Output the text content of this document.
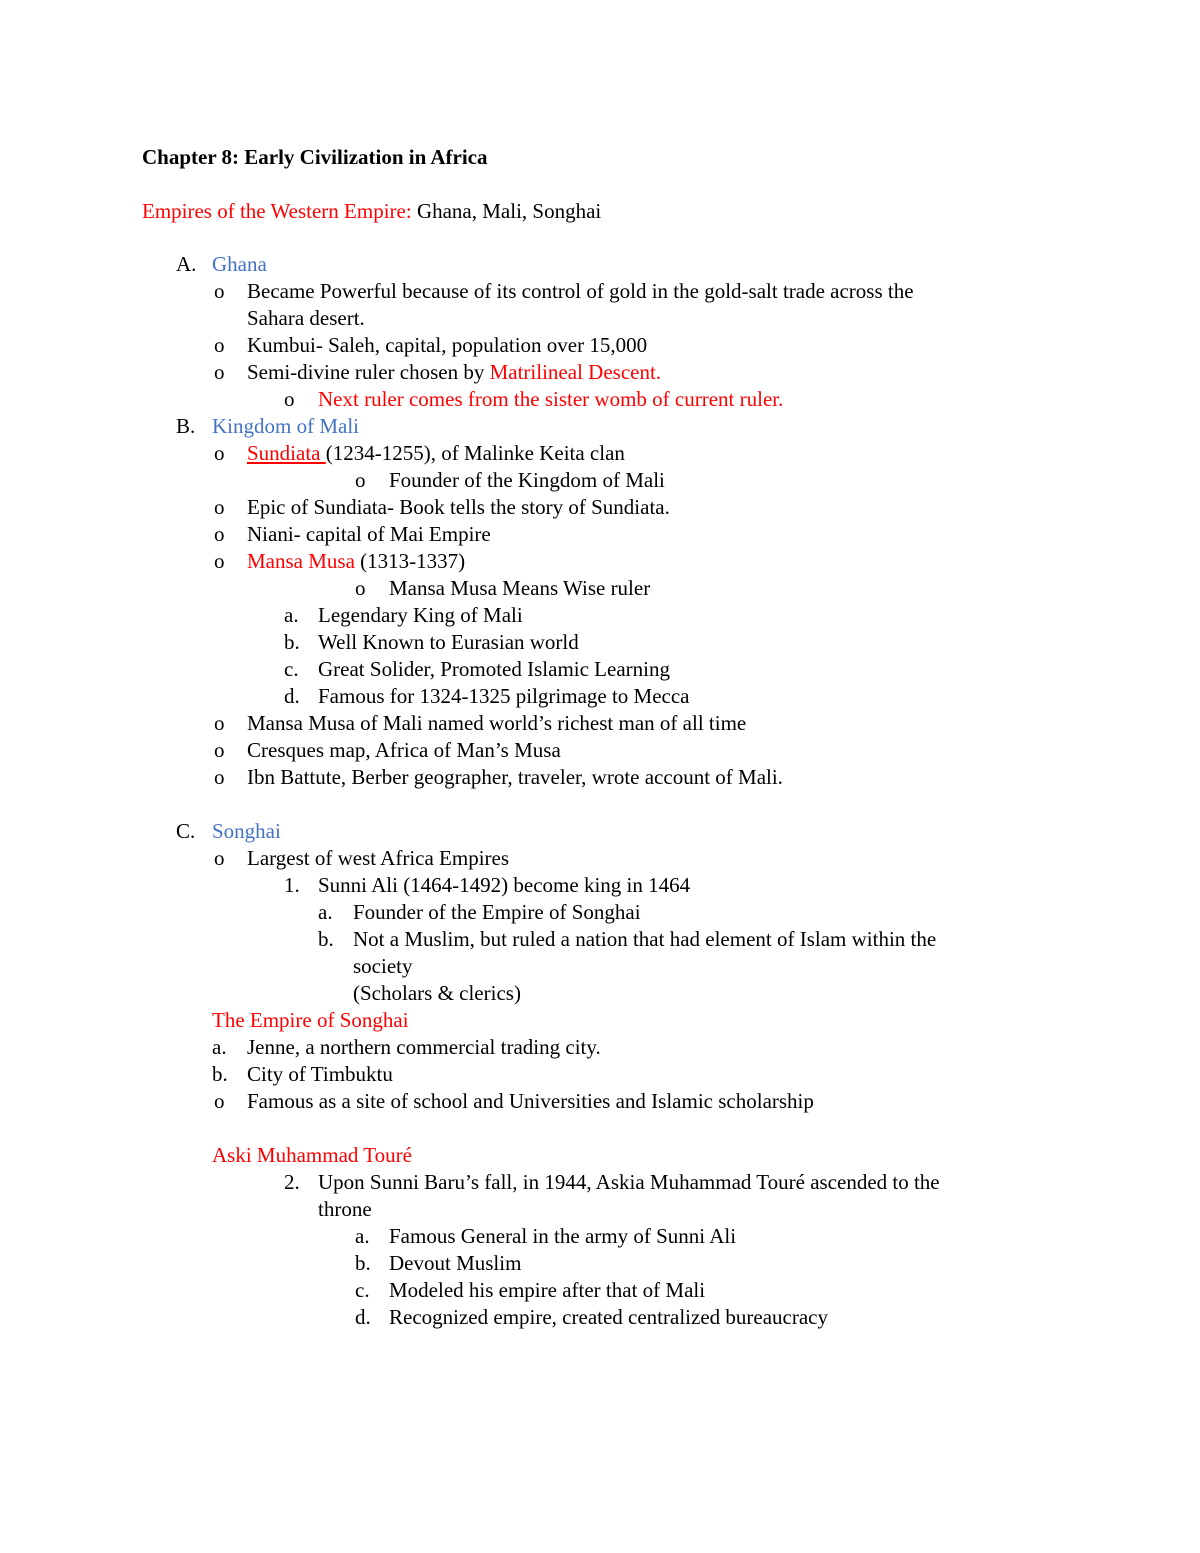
Chapter 8: Early Civilization in Africa
Empires of the Western Empire: Ghana, Mali, Songhai
A. Ghana
o Became Powerful because of its control of gold in the gold-salt trade across the
Sahara desert.
o Kumbui- Saleh, capital, population over 15,000
o Semi-divine ruler chosen by Matrilineal Descent.
o Next ruler comes from the sister womb of current ruler.
B. Kingdom of Mali
o Sundiata (1234-1255), of Malinke Keita clan
o Founder of the Kingdom of Mali
o Epic of Sundiata- Book tells the story of Sundiata.
o Niani- capital of Mai Empire
o Mansa Musa (1313-1337)
o Mansa Musa Means Wise ruler
a. Legendary King of Mali
b. Well Known to Eurasian world
c. Great Solider, Promoted Islamic Learning
d. Famous for 1324-1325 pilgrimage to Mecca
o Mansa Musa of Mali named world’s richest man of all time
o Cresques map, Africa of Man’s Musa
o Ibn Battute, Berber geographer, traveler, wrote account of Mali.
C. Songhai
o Largest of west Africa Empires
1. Sunni Ali (1464-1492) become king in 1464
a. Founder of the Empire of Songhai
b. Not a Muslim, but ruled a nation that had element of Islam within the
society
(Scholars & clerics)
The Empire of Songhai
a. Jenne, a northern commercial trading city.
b. City of Timbuktu
o Famous as a site of school and Universities and Islamic scholarship
Aski Muhammad Touré
2. Upon Sunni Baru’s fall, in 1944, Askia Muhammad Touré ascended to the
throne
a. Famous General in the army of Sunni Ali
b. Devout Muslim
c. Modeled his empire after that of Mali
d. Recognized empire, created centralized bureaucracy
